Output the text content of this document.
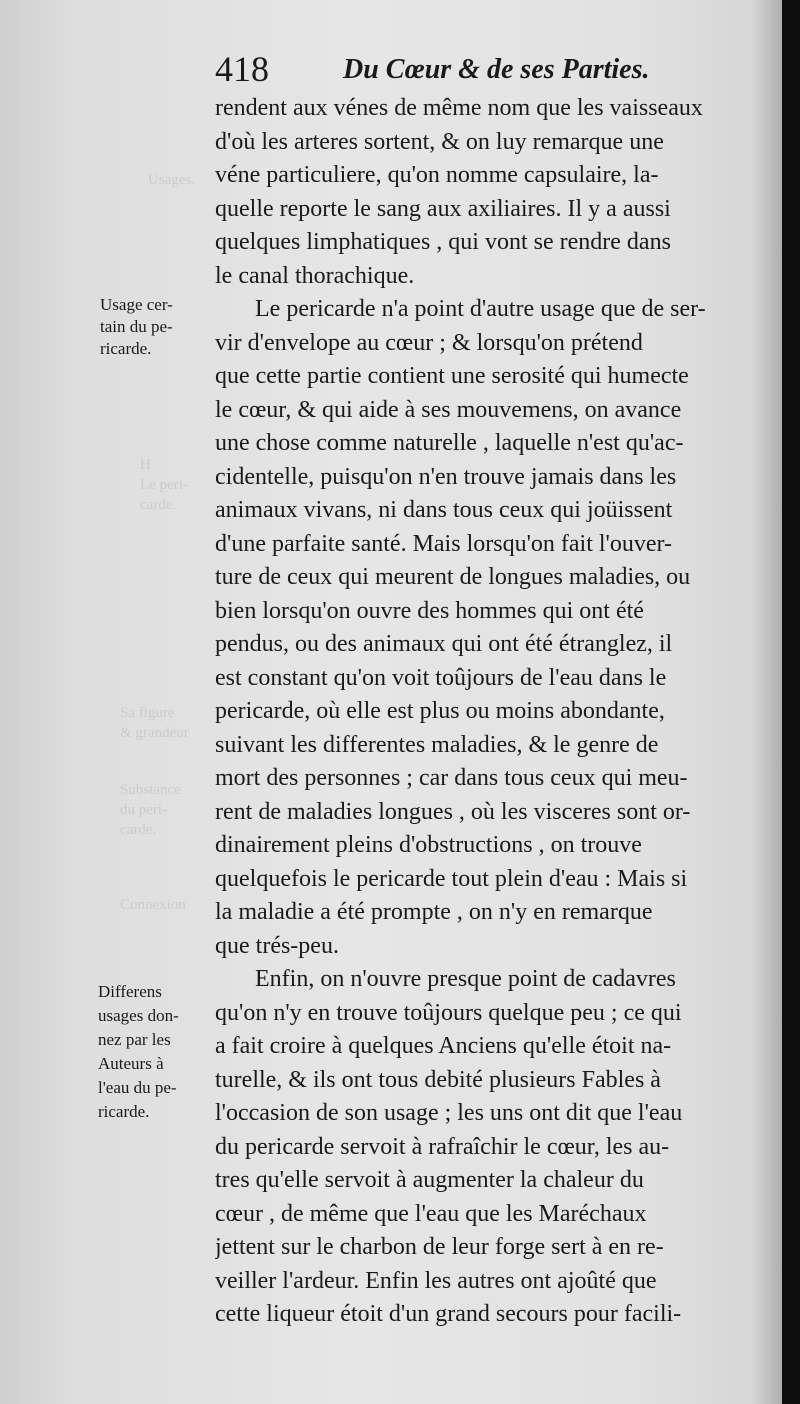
418	Du Cœur & de ses Parties.
Usages.
H
Le peri-
carde.
Sa figure
& grandeur
Substance
du peri-
carde.
Connexion
Usage cer-
tain du pe-
ricarde.
Differens
usages don-
nez par les
Auteurs à
l'eau du pe-
ricarde.
rendent aux vénes de même nom que les vaisseaux
d'où les arteres sortent, & on luy remarque une
véne particuliere, qu'on nomme capsulaire, la-
quelle reporte le sang aux axiliaires. Il y a aussi
quelques limphatiques , qui vont se rendre dans
le canal thorachique.
Le pericarde n'a point d'autre usage que de ser-
vir d'envelope au cœur ; & lorsqu'on prétend
que cette partie contient une serosité qui humecte
le cœur, & qui aide à ses mouvemens, on avance
une chose comme naturelle , laquelle n'est qu'ac-
cidentelle, puisqu'on n'en trouve jamais dans les
animaux vivans, ni dans tous ceux qui joüissent
d'une parfaite santé. Mais lorsqu'on fait l'ouver-
ture de ceux qui meurent de longues maladies, ou
bien lorsqu'on ouvre des hommes qui ont été
pendus, ou des animaux qui ont été étranglez, il
est constant qu'on voit toûjours de l'eau dans le
pericarde, où elle est plus ou moins abondante,
suivant les differentes maladies, & le genre de
mort des personnes ; car dans tous ceux qui meu-
rent de maladies longues , où les visceres sont or-
dinairement pleins d'obstructions , on trouve
quelquefois le pericarde tout plein d'eau : Mais si
la maladie a été prompte , on n'y en remarque
que trés-peu.
Enfin, on n'ouvre presque point de cadavres
qu'on n'y en trouve toûjours quelque peu ; ce qui
a fait croire à quelques Anciens qu'elle étoit na-
turelle, & ils ont tous debité plusieurs Fables à
l'occasion de son usage ; les uns ont dit que l'eau
du pericarde servoit à rafraîchir le cœur, les au-
tres qu'elle servoit à augmenter la chaleur du
cœur , de même que l'eau que les Maréchaux
jettent sur le charbon de leur forge sert à en re-
veiller l'ardeur. Enfin les autres ont ajoûté que
cette liqueur étoit d'un grand secours pour facili-
